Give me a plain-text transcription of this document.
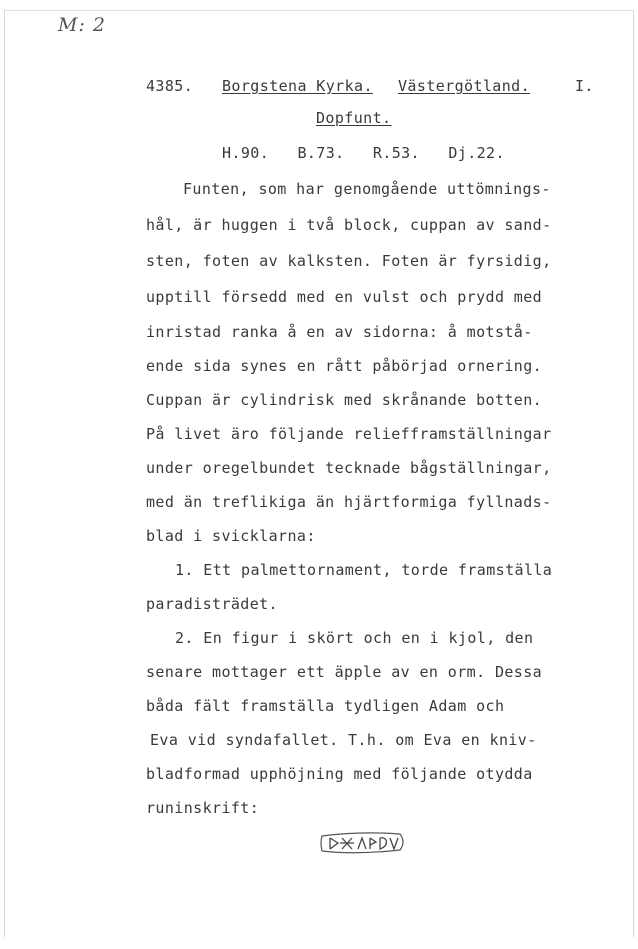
M: 2
4385. Borgstena Kyrka. Västergötland.	I.
Dopfunt.
H.90.   B.73.   R.53.   Dj.22.
Funten, som har genomgående uttömnings-
hål, är huggen i två block, cuppan av sand-
sten, foten av kalksten. Foten är fyrsidig,
upptill försedd med en vulst och prydd med
inristad ranka å en av sidorna: å motstå-
ende sida synes en rått påbörjad ornering.
Cuppan är cylindrisk med skrånande botten.
På livet äro följande reliefframställningar
under oregelbundet tecknade bågställningar,
med än treflikiga än hjärtformiga fyllnads-
blad i svicklarna:
1. Ett palmettornament, torde framställa
paradisträdet.
2. En figur i skört och en i kjol, den
senare mottager ett äpple av en orm. Dessa
båda fält framställa tydligen Adam och
Eva vid syndafallet. T.h. om Eva en kniv-
bladformad upphöjning med följande otydda
runinskrift:
